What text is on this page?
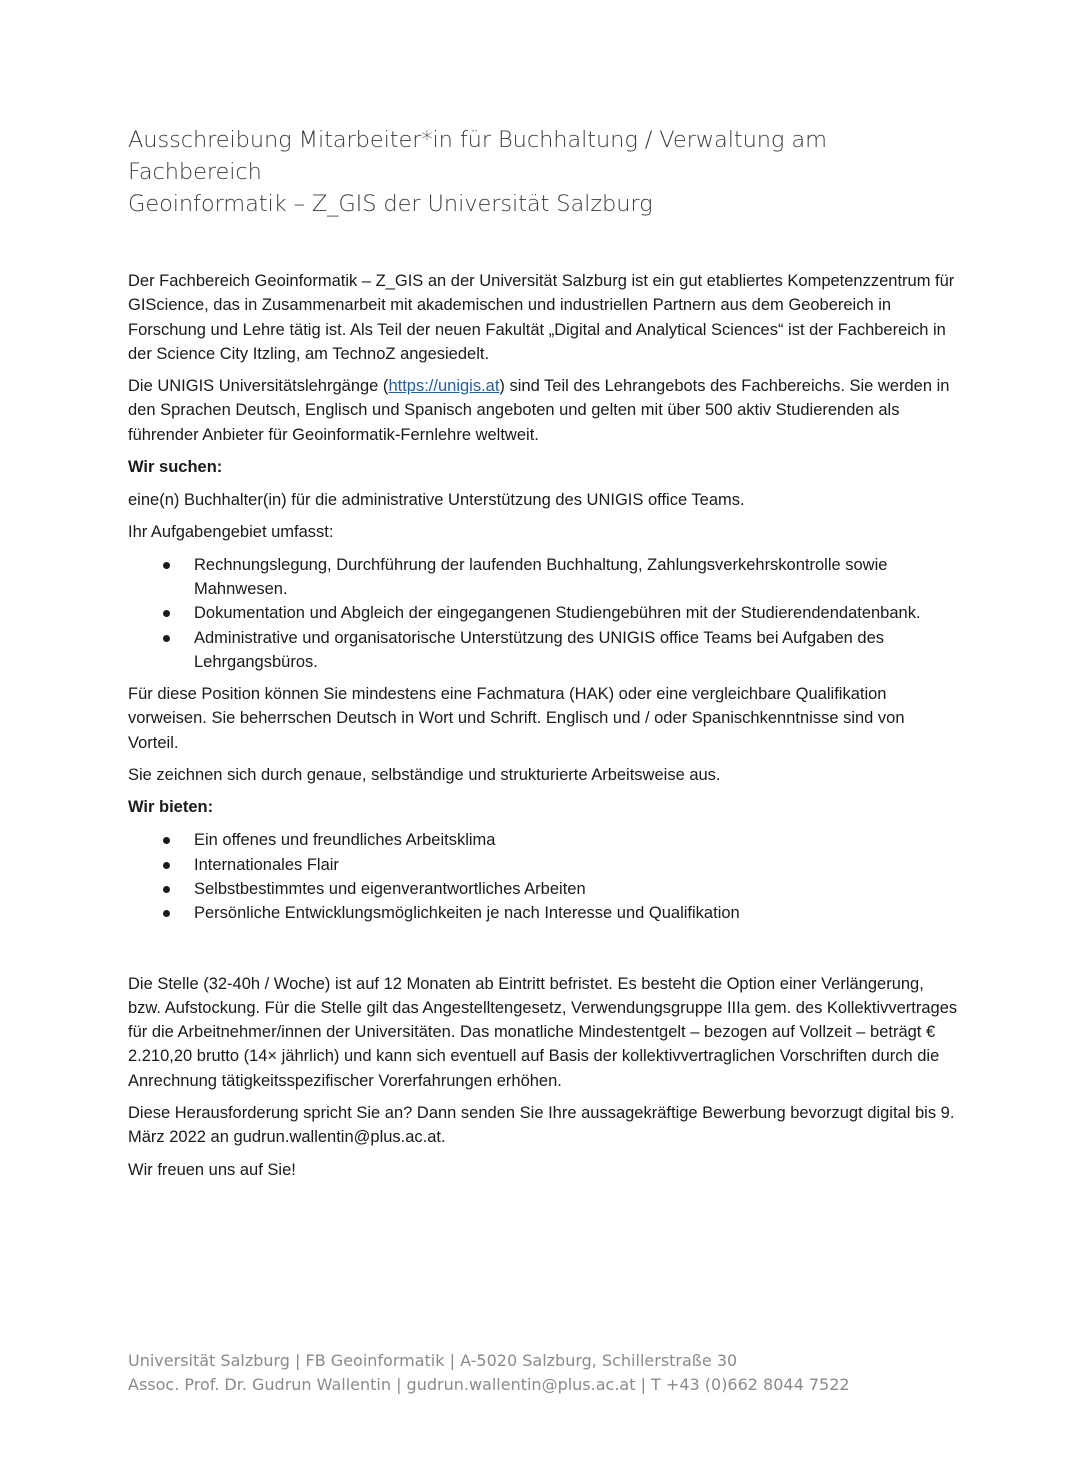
Ausschreibung Mitarbeiter*in für Buchhaltung / Verwaltung am Fachbereich
Geoinformatik – Z_GIS der Universität Salzburg

Der Fachbereich Geoinformatik – Z_GIS an der Universität Salzburg ist ein gut etabliertes Kompetenzzentrum für GIScience, das in Zusammenarbeit mit akademischen und industriellen Partnern aus dem Geobereich in Forschung und Lehre tätig ist. Als Teil der neuen Fakultät „Digital and Analytical Sciences“ ist der Fachbereich in der Science City Itzling, am TechnoZ angesiedelt.

Die UNIGIS Universitätslehrgänge (https://unigis.at) sind Teil des Lehrangebots des Fachbereichs. Sie werden in den Sprachen Deutsch, Englisch und Spanisch angeboten und gelten mit über 500 aktiv Studierenden als führender Anbieter für Geoinformatik-Fernlehre weltweit.

Wir suchen:

eine(n) Buchhalter(in) für die administrative Unterstützung des UNIGIS office Teams.

Ihr Aufgabengebiet umfasst:

Rechnungslegung, Durchführung der laufenden Buchhaltung, Zahlungsverkehrskontrolle sowie Mahnwesen.
Dokumentation und Abgleich der eingegangenen Studiengebühren mit der Studierendendatenbank.
Administrative und organisatorische Unterstützung des UNIGIS office Teams bei Aufgaben des Lehrgangsbüros.

Für diese Position können Sie mindestens eine Fachmatura (HAK) oder eine vergleichbare Qualifikation vorweisen. Sie beherrschen Deutsch in Wort und Schrift. Englisch und / oder Spanischkenntnisse sind von Vorteil.

Sie zeichnen sich durch genaue, selbständige und strukturierte Arbeitsweise aus.

Wir bieten:
Ein offenes und freundliches Arbeitsklima
Internationales Flair
Selbstbestimmtes und eigenverantwortliches Arbeiten
Persönliche Entwicklungsmöglichkeiten je nach Interesse und Qualifikation

Die Stelle (32-40h / Woche) ist auf 12 Monaten ab Eintritt befristet. Es besteht die Option einer Verlängerung, bzw. Aufstockung. Für die Stelle gilt das Angestelltengesetz, Verwendungsgruppe IIIa gem. des Kollektivvertrages für die Arbeitnehmer/innen der Universitäten. Das monatliche Mindestentgelt – bezogen auf Vollzeit – beträgt € 2.210,20 brutto (14× jährlich) und kann sich eventuell auf Basis der kollektivvertraglichen Vorschriften durch die Anrechnung tätigkeitsspezifischer Vorerfahrungen erhöhen.

Diese Herausforderung spricht Sie an? Dann senden Sie Ihre aussagekräftige Bewerbung bevorzugt digital bis 9. März 2022 an gudrun.wallentin@plus.ac.at.

Wir freuen uns auf Sie!

Universität Salzburg | FB Geoinformatik | A-5020 Salzburg, Schillerstraße 30
Assoc. Prof. Dr. Gudrun Wallentin | gudrun.wallentin@plus.ac.at | T +43 (0)662 8044 7522
